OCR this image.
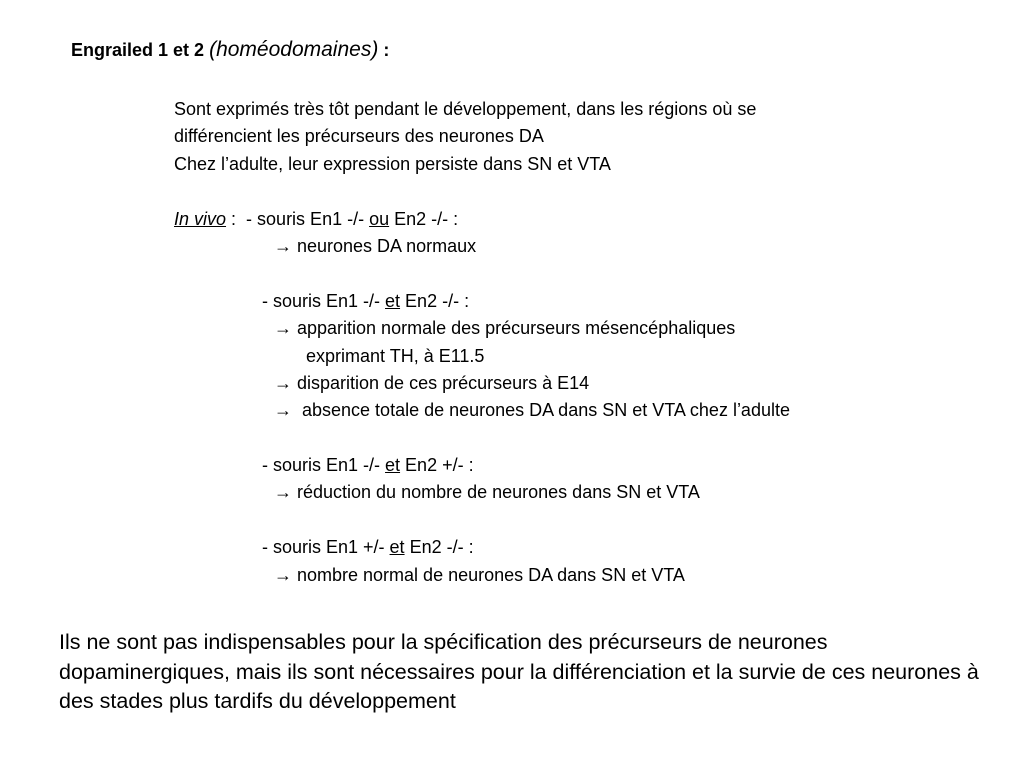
Engrailed 1 et 2 (homéodomaines) :
Sont exprimés très tôt pendant le développement, dans les régions où se
différencient les précurseurs des neurones DA
Chez l’adulte, leur expression persiste dans SN et VTA
In vivo :  - souris En1 -/- ou En2 -/- :
→ neurones DA normaux
- souris En1 -/- et En2 -/- :
→ apparition normale des précurseurs mésencéphaliques
exprimant TH, à E11.5
→ disparition de ces précurseurs à E14
→  absence totale de neurones DA dans SN et VTA chez l’adulte
- souris En1 -/- et En2 +/- :
→ réduction du nombre de neurones dans SN et VTA
- souris En1 +/- et En2 -/- :
→ nombre normal de neurones DA dans SN et VTA
Ils ne sont pas indispensables pour la spécification des précurseurs de neurones dopaminergiques, mais ils sont nécessaires pour la différenciation et la survie de ces neurones à des stades plus tardifs du développement
